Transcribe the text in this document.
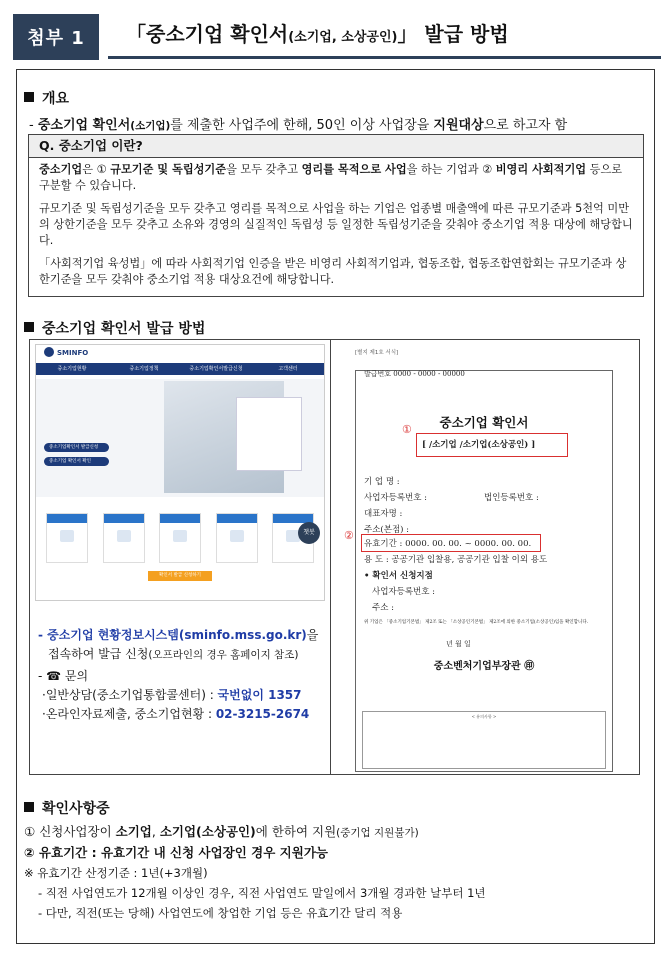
첨부 1	「중소기업 확인서(소기업, 소상공인)」 발급 방법
개요
- 중소기업 확인서(소기업)를 제출한 사업주에 한해, 50인 이상 사업장을 지원대상으로 하고자 함
Q. 중소기업 이란?

중소기업은 ① 규모기준 및 독립성기준을 모두 갖추고 영리를 목적으로 사업을 하는 기업과 ② 비영리 사회적기업 등으로 구분할 수 있습니다.

규모기준 및 독립성기준을 모두 갖추고 영리를 목적으로 사업을 하는 기업은 업종별 매출액에 따른 규모기준과 5천억 미만의 상한기준을 모두 갖추고 소유와 경영의 실질적인 독립성 등 일정한 독립성기준을 갖춰야 중소기업 적용 대상에 해당합니다.

「사회적기업 육성법」에 따라 사회적기업 인증을 받은 비영리 사회적기업과, 협동조합, 협동조합연합회는 규모기준과 상한기준을 모두 갖춰야 중소기업 적용 대상요건에 해당합니다.

중소기업 확인서 발급 방법
SMINFO
중소기업현황	중소기업정책	중소기업확인서발급신청	고객센터
중소기업확인서 발급신청
중소기업 확인서 확인
챗봇
확인서 발급 신청하기
- 중소기업 현황정보시스템(sminfo.mss.go.kr)을
접속하여 발급 신청(오프라인의 경우 홈페이지 참조)
- ☎ 문의
·일반상담(중소기업통합콜센터) : 국번없이 1357
·온라인자료제출, 중소기업현황 : 02-3215-2674
[별지 제1호 서식]
발급번호 0000 - 0000 - 00000
중소기업 확인서
[ /소기업 /소기업(소상공인) ]
①
기 업 명 :
사업자등록번호 :	법인등록번호 :
대표자명 :
주소(본점) :
②
유효기간 : 0000. 00. 00. ~ 0000. 00. 00.
용 도 : 공공기관 입찰용, 공공기관 입찰 이외 용도
• 확인서 신청지점
사업자등록번호 :
주소 :
위 기업은 「중소기업기본법」 제2조 또는 「소상공인기본법」 제2조에 의한 중소기업(소상공인)임을 확인합니다.
년 월 일
중소벤처기업부장관 ㊞
< 유의사항 >
확인사항중
① 신청사업장이 소기업, 소기업(소상공인)에 한하여 지원(중기업 지원불가)
② 유효기간 : 유효기간 내 신청 사업장인 경우 지원가능
※ 유효기간 산정기준 : 1년(+3개월)
- 직전 사업연도가 12개월 이상인 경우, 직전 사업연도 말일에서 3개월 경과한 날부터 1년
- 다만, 직전(또는 당해) 사업연도에 창업한 기업 등은 유효기간 달리 적용
